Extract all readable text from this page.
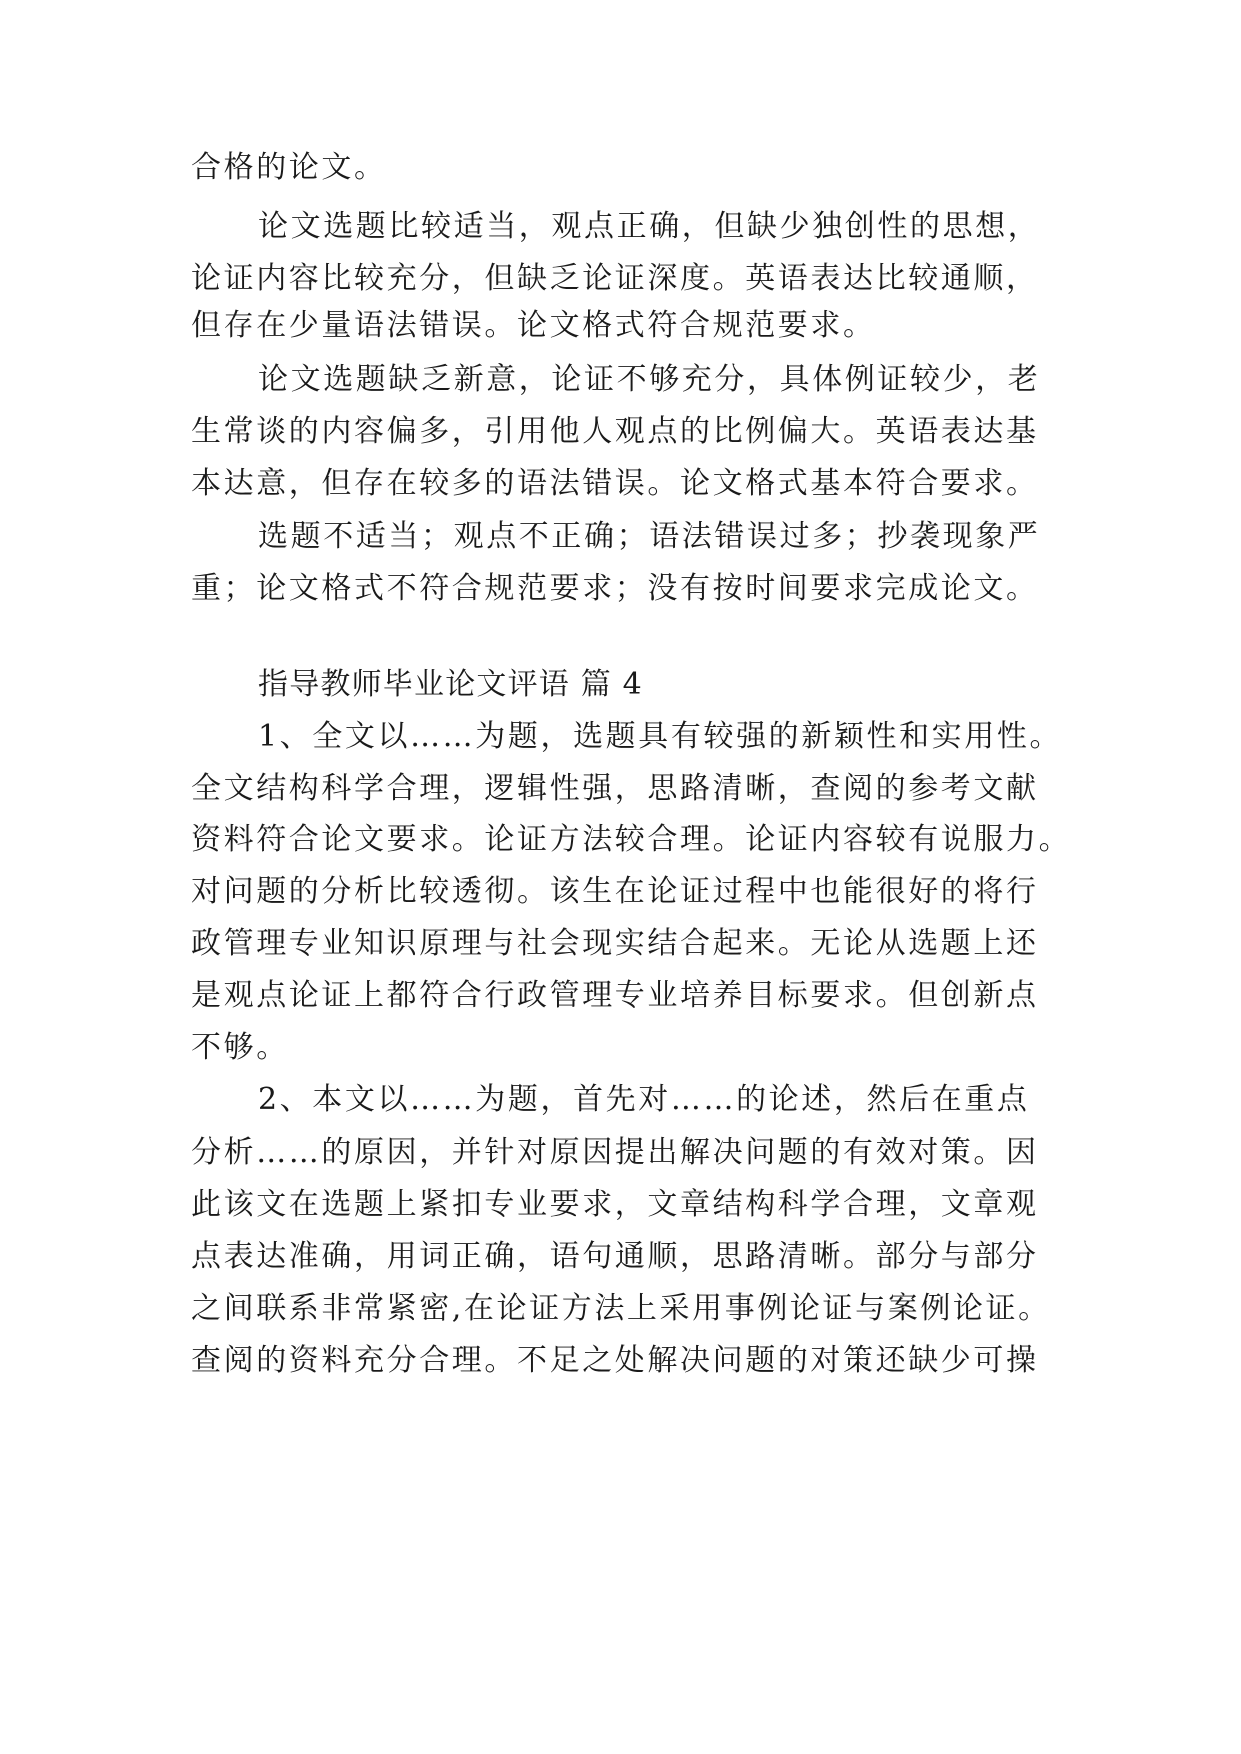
合格的论文。
论文选题比较适当，观点正确，但缺少独创性的思想，
论证内容比较充分，但缺乏论证深度。英语表达比较通顺，
但存在少量语法错误。论文格式符合规范要求。
论文选题缺乏新意，论证不够充分，具体例证较少，老
生常谈的内容偏多，引用他人观点的比例偏大。英语表达基
本达意，但存在较多的语法错误。论文格式基本符合要求。
选题不适当；观点不正确；语法错误过多；抄袭现象严
重；论文格式不符合规范要求；没有按时间要求完成论文。
指导教师毕业论文评语 篇 4
1、全文以……为题，选题具有较强的新颖性和实用性。
全文结构科学合理，逻辑性强，思路清晰，查阅的参考文献
资料符合论文要求。论证方法较合理。论证内容较有说服力。
对问题的分析比较透彻。该生在论证过程中也能很好的将行
政管理专业知识原理与社会现实结合起来。无论从选题上还
是观点论证上都符合行政管理专业培养目标要求。但创新点
不够。
2、本文以……为题，首先对……的论述，然后在重点
分析……的原因，并针对原因提出解决问题的有效对策。因
此该文在选题上紧扣专业要求，文章结构科学合理，文章观
点表达准确，用词正确，语句通顺，思路清晰。部分与部分
之间联系非常紧密,在论证方法上采用事例论证与案例论证。
查阅的资料充分合理。不足之处解决问题的对策还缺少可操
